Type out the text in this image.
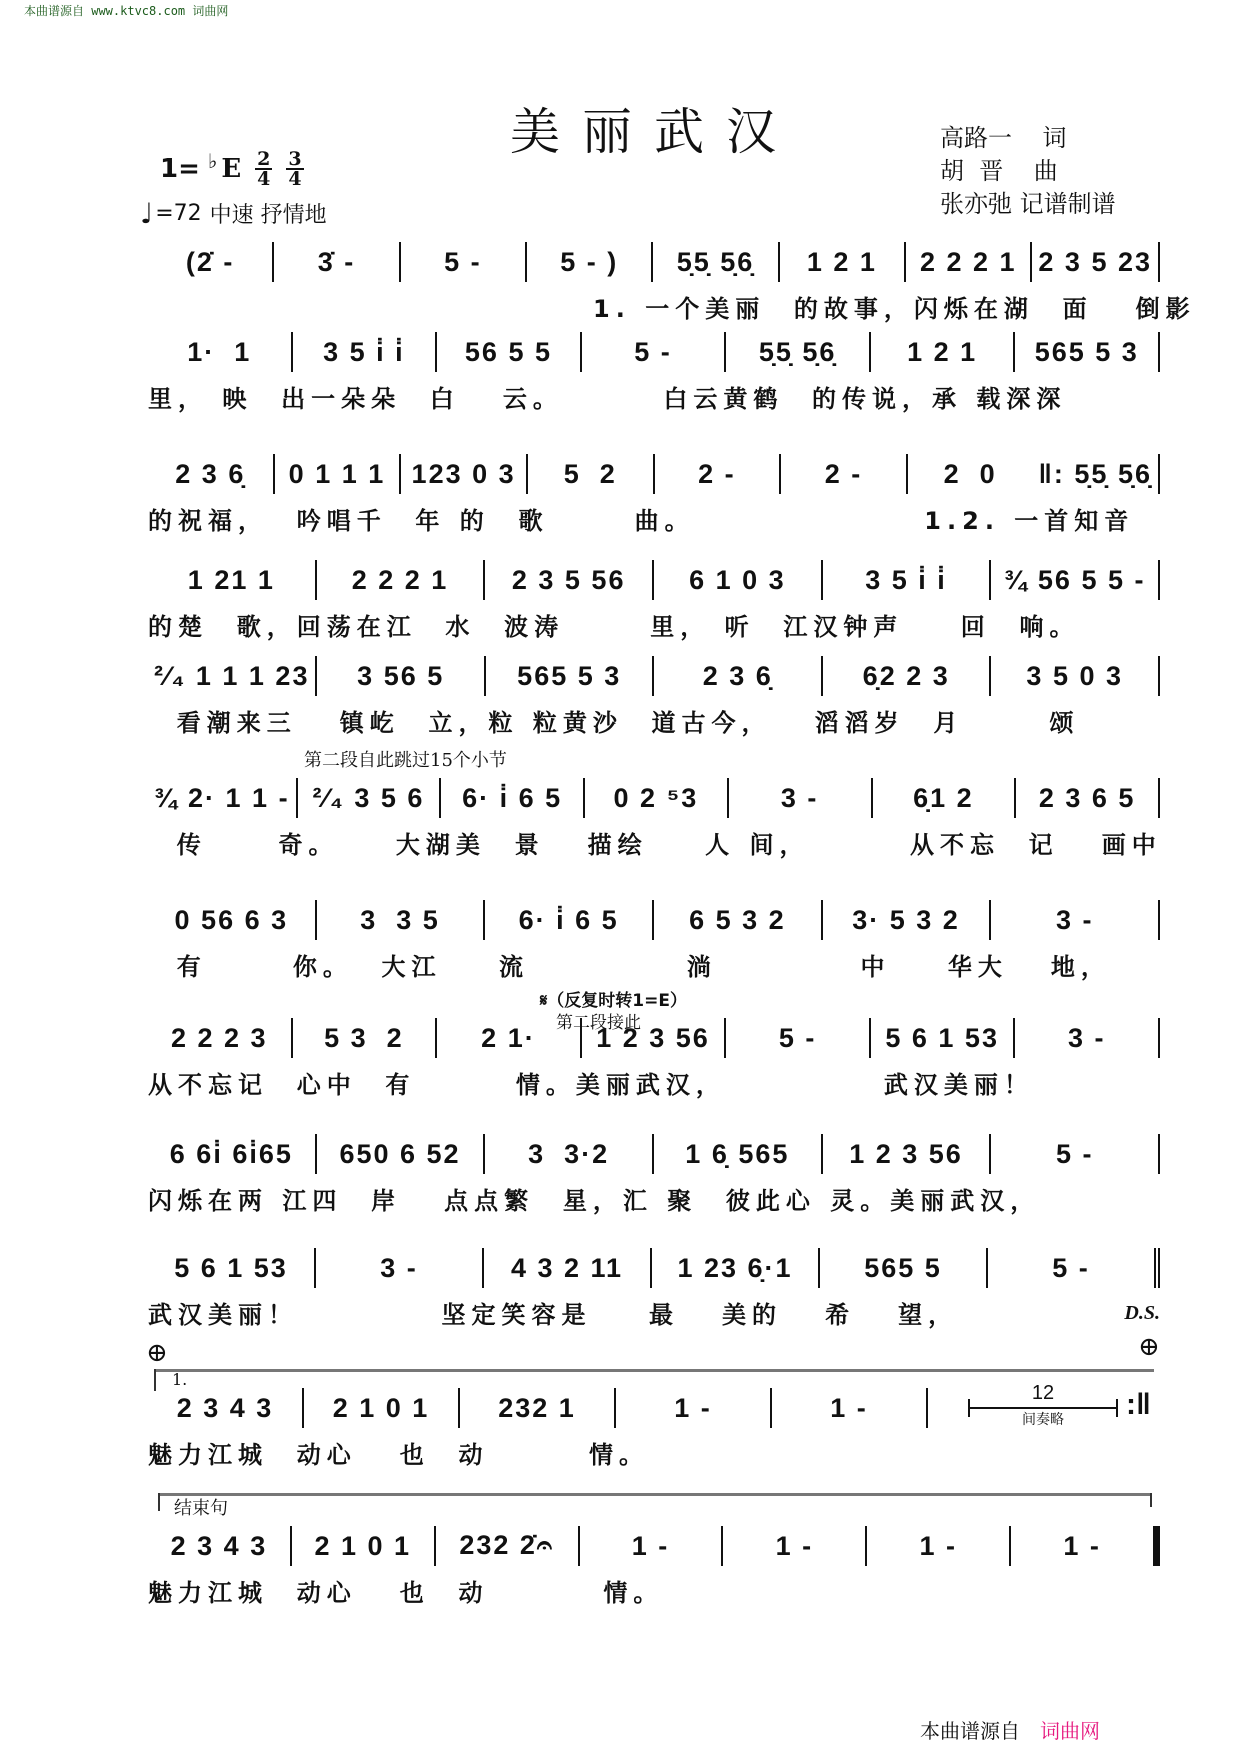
本曲谱源自 www.ktvc8.com 词曲网
美丽武汉	高路一    词
胡  晋    曲
张亦弛 记谱制谱
1= ♭ E $\frac{2}{4} \frac{3}{4}$
♩ =72 中速 抒情地
(2̇ -	3̇ -	5 -	5 - )	5̣5̣ 5̣6̣	1 2 1	2 2 2 1 2 3 5 23
1. 一个美丽  的故事，闪烁在湖  面   倒影
1·  1	3 5 i̇ i̇	56 5 5	5 -	5̣5̣ 5̣6̣	1 2 1	565 5 3
里， 映  出一朵朵  白   云。       白云黄鹤  的传说，承 载深深
2 3 6̣	0 1 1 1 123 0 3	5  2	2 -	2 -	2  0	‖: 5̣5̣ 5̣6̣
的祝福，  吟唱千  年 的  歌      曲。                1.2. 一首知音
1 21 1	2 2 2 1	2 3 5 56	6 1 0 3	3 5 i̇ i̇	¾ 56 5 5 -
的楚  歌，回荡在江  水  波涛      里， 听  江汉钟声    回  响。
²⁄₄ 1 1 1 23	3 56 5	565 5 3	2 3 6̣	6̣2 2 3	3 5 0 3
看潮来三   镇屹  立，粒 粒黄沙  道古今，   滔滔岁  月      颂
第二段自此跳过15个小节
¾ 2· 1 1 - ²⁄₄ 3 5 6	6· i̇ 6 5	0 2 ⁵3	3 -	6̣1 2	2 3 6 5
传     奇。    大湖美  景   描绘    人 间，       从不忘  记   画中
0 56 6 3	3  3 5	6· i̇ 6 5	6 5 3 2	3· 5 3 2	3 -
有      你。  大江    流           淌          中    华大   地，
𝄋（反复时转1=E）
第二段接此
2 2 2 3	5 3  2	2 1·	1 2 3 56	5 -	5 6 1 53	3 -
从不忘记  心中  有       情。美丽武汉，           武汉美丽！
6 6i̇ 6i̇65	650 6 52	3  3·2	1 6̣ 565	1 2 3 56	5 -
闪烁在两 江四  岸   点点繁  星，汇 聚  彼此心 灵。美丽武汉，
5 6 1 53	3 -	4 3 2 11	1 23 6̣·1	565 5	5 -
武汉美丽！          坚定笑容是    最   美的   希   望，	D.S.
⊕	⊕
1.
2 3 4 3	2 1 0 1	232 1	1 -	1 -
魅力江城  动心   也  动       情。
12
间奏略 :‖
结束句
2 3 4 3	2 1 0 1	232 2̇𝄐	1 -	1 -	1 -	1 -
魅力江城  动心   也  动        情。
本曲谱源自 词曲网
